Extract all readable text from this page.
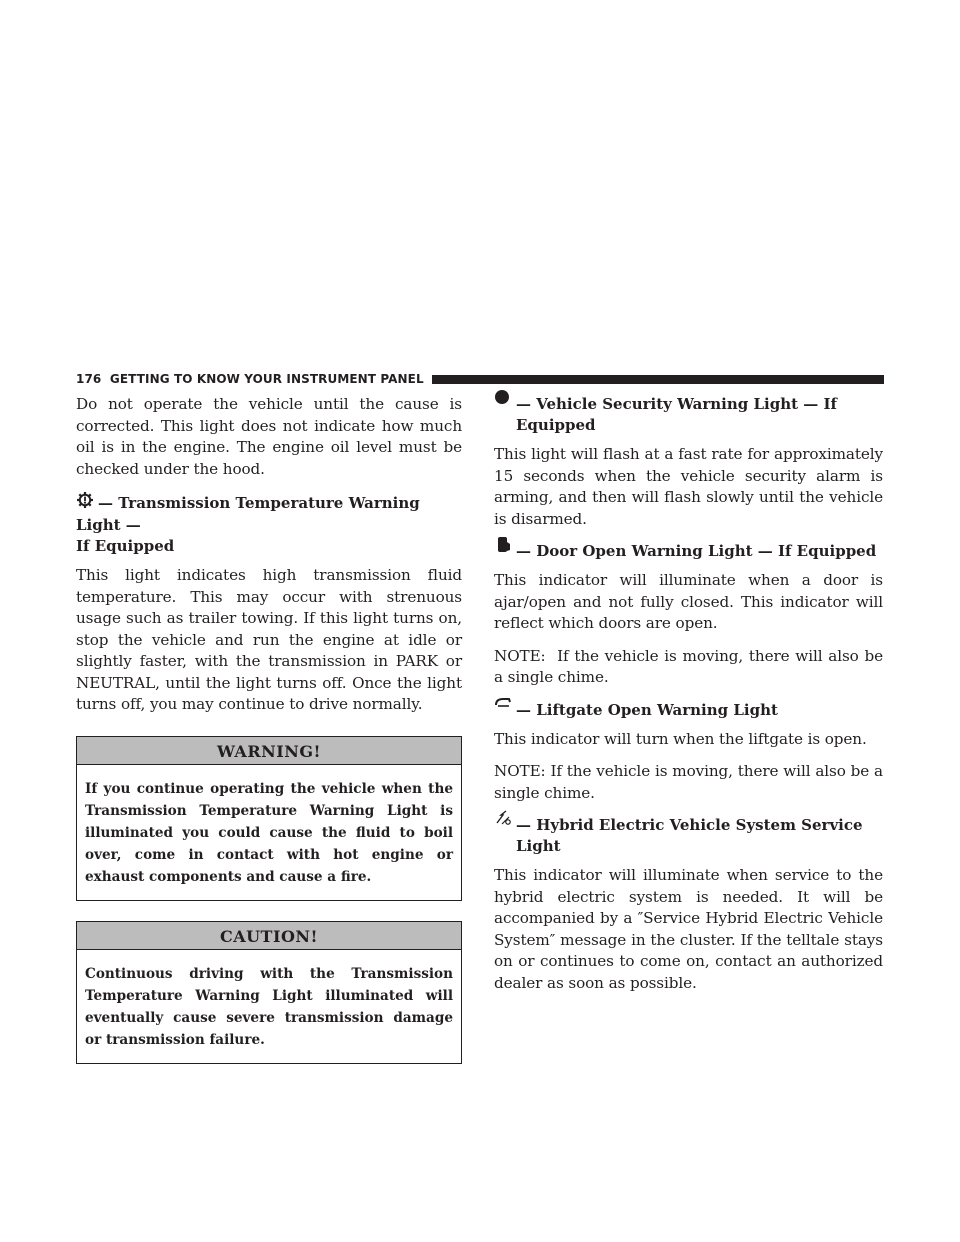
176 GETTING TO KNOW YOUR INSTRUMENT PANEL

Do not operate the vehicle until the cause is corrected. This light does not indicate how much oil is in the engine. The engine oil level must be checked under the hood.

— Transmission Temperature Warning Light —
If Equipped

This light indicates high transmission fluid temperature. This may occur with strenuous usage such as trailer towing. If this light turns on, stop the vehicle and run the engine at idle or slightly faster, with the transmission in PARK or NEUTRAL, until the light turns off. Once the light turns off, you may continue to drive normally.

WARNING!
If you continue operating the vehicle when the Transmission Temperature Warning Light is illuminated you could cause the fluid to boil over, come in contact with hot engine or exhaust components and cause a fire.
CAUTION!
Continuous driving with the Transmission Temperature Warning Light illuminated will eventually cause severe transmission damage or transmission failure.
— Vehicle Security Warning Light — If Equipped

This light will flash at a fast rate for approximately 15 seconds when the vehicle security alarm is arming, and then will flash slowly until the vehicle is disarmed.

— Door Open Warning Light — If Equipped

This indicator will illuminate when a door is ajar/open and not fully closed. This indicator will reflect which doors are open.

NOTE: If the vehicle is moving, there will also be a single chime.

— Liftgate Open Warning Light

This indicator will turn when the liftgate is open.

NOTE: If the vehicle is moving, there will also be a single chime.

— Hybrid Electric Vehicle System Service Light

This indicator will illuminate when service to the hybrid electric system is needed. It will be accompanied by a ″Service Hybrid Electric Vehicle System″ message in the cluster. If the telltale stays on or continues to come on, contact an authorized dealer as soon as possible.
